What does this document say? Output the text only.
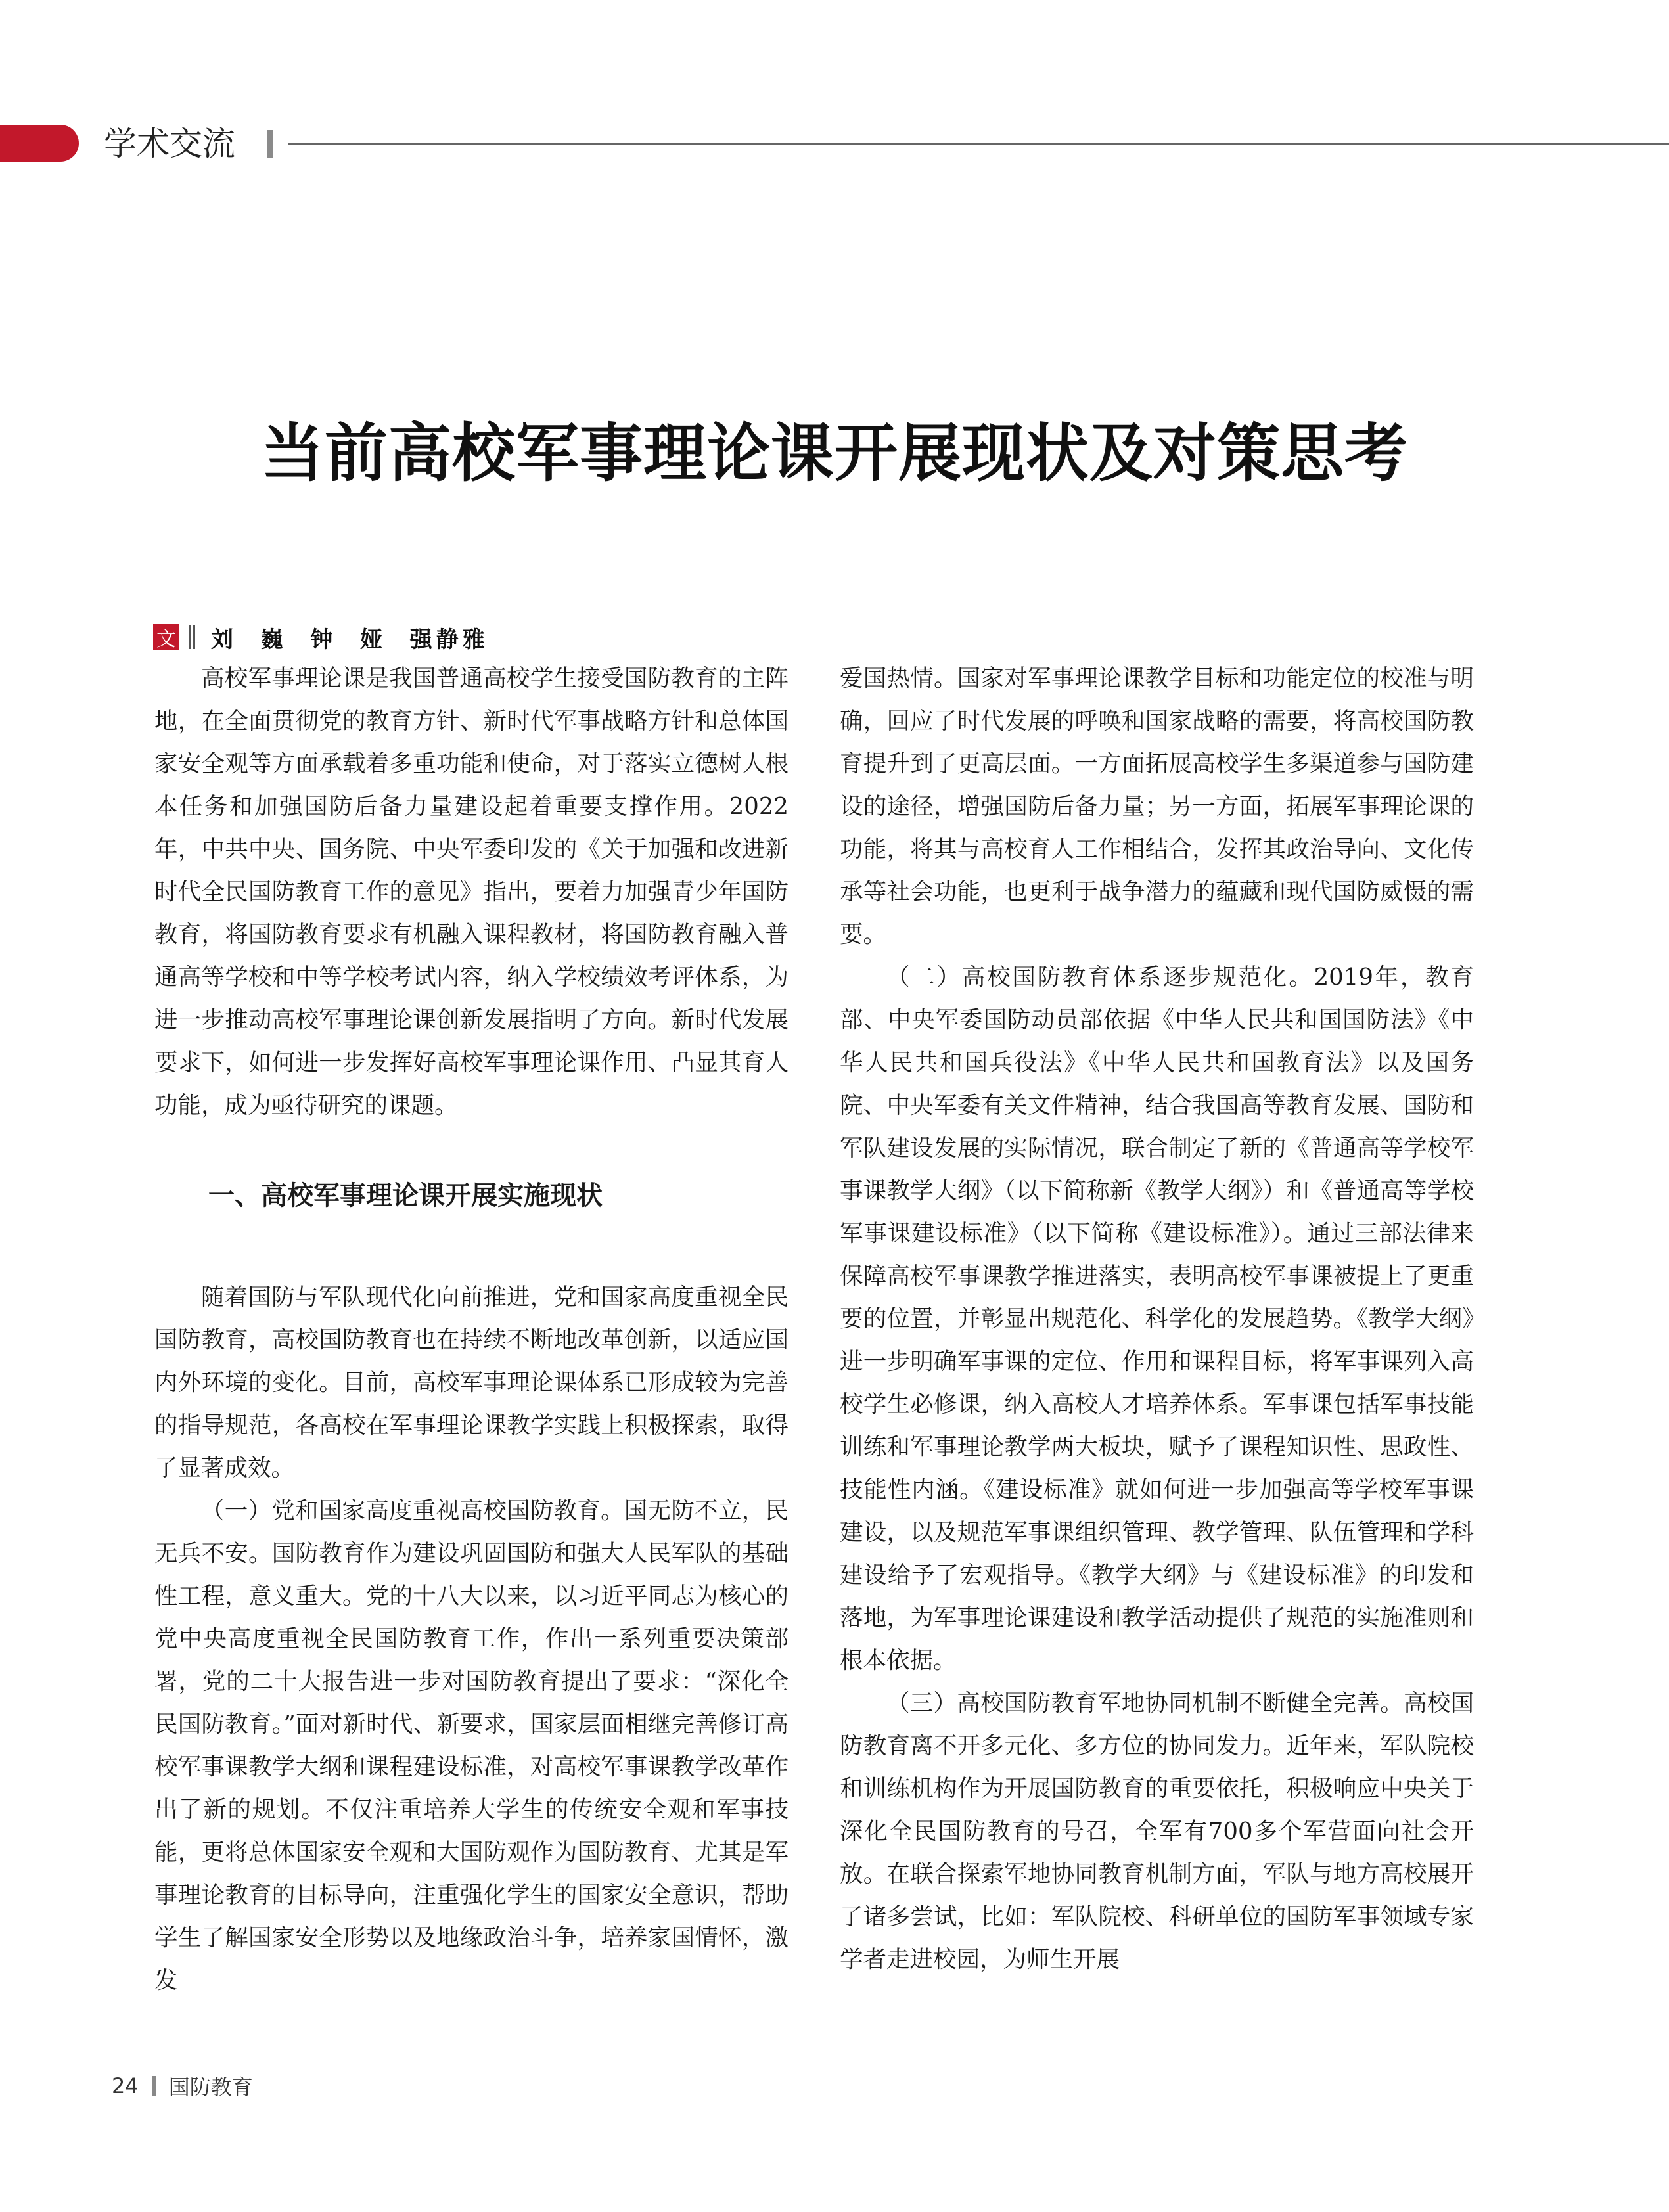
学术交流
当前高校军事理论课开展现状及对策思考
文 刘  巍  钟  娅  强静雅

高校军事理论课是我国普通高校学生接受国防教育的主阵地，在全面贯彻党的教育方针、新时代军事战略方针和总体国家安全观等方面承载着多重功能和使命，对于落实立德树人根本任务和加强国防后备力量建设起着重要支撑作用。2022年，中共中央、国务院、中央军委印发的《关于加强和改进新时代全民国防教育工作的意见》指出，要着力加强青少年国防教育，将国防教育要求有机融入课程教材，将国防教育融入普通高等学校和中等学校考试内容，纳入学校绩效考评体系，为进一步推动高校军事理论课创新发展指明了方向。新时代发展要求下，如何进一步发挥好高校军事理论课作用、凸显其育人功能，成为亟待研究的课题。

一、高校军事理论课开展实施现状

随着国防与军队现代化向前推进，党和国家高度重视全民国防教育，高校国防教育也在持续不断地改革创新，以适应国内外环境的变化。目前，高校军事理论课体系已形成较为完善的指导规范，各高校在军事理论课教学实践上积极探索，取得了显著成效。

（一）党和国家高度重视高校国防教育。国无防不立，民无兵不安。国防教育作为建设巩固国防和强大人民军队的基础性工程，意义重大。党的十八大以来，以习近平同志为核心的党中央高度重视全民国防教育工作，作出一系列重要决策部署，党的二十大报告进一步对国防教育提出了要求：“深化全民国防教育。”面对新时代、新要求，国家层面相继完善修订高校军事课教学大纲和课程建设标准，对高校军事课教学改革作出了新的规划。不仅注重培养大学生的传统安全观和军事技能，更将总体国家安全观和大国防观作为国防教育、尤其是军事理论教育的目标导向，注重强化学生的国家安全意识，帮助学生了解国家安全形势以及地缘政治斗争，培养家国情怀，激发

爱国热情。国家对军事理论课教学目标和功能定位的校准与明确，回应了时代发展的呼唤和国家战略的需要，将高校国防教育提升到了更高层面。一方面拓展高校学生多渠道参与国防建设的途径，增强国防后备力量；另一方面，拓展军事理论课的功能，将其与高校育人工作相结合，发挥其政治导向、文化传承等社会功能，也更利于战争潜力的蕴藏和现代国防威慑的需要。

（二）高校国防教育体系逐步规范化。2019年，教育部、中央军委国防动员部依据《中华人民共和国国防法》《中华人民共和国兵役法》《中华人民共和国教育法》以及国务院、中央军委有关文件精神，结合我国高等教育发展、国防和军队建设发展的实际情况，联合制定了新的《普通高等学校军事课教学大纲》（以下简称新《教学大纲》）和《普通高等学校军事课建设标准》（以下简称《建设标准》）。通过三部法律来保障高校军事课教学推进落实，表明高校军事课被提上了更重要的位置，并彰显出规范化、科学化的发展趋势。《教学大纲》进一步明确军事课的定位、作用和课程目标，将军事课列入高校学生必修课，纳入高校人才培养体系。军事课包括军事技能训练和军事理论教学两大板块，赋予了课程知识性、思政性、技能性内涵。《建设标准》就如何进一步加强高等学校军事课建设，以及规范军事课组织管理、教学管理、队伍管理和学科建设给予了宏观指导。《教学大纲》与《建设标准》的印发和落地，为军事理论课建设和教学活动提供了规范的实施准则和根本依据。

（三）高校国防教育军地协同机制不断健全完善。高校国防教育离不开多元化、多方位的协同发力。近年来，军队院校和训练机构作为开展国防教育的重要依托，积极响应中央关于深化全民国防教育的号召，全军有700多个军营面向社会开放。在联合探索军地协同教育机制方面，军队与地方高校展开了诸多尝试，比如：军队院校、科研单位的国防军事领域专家学者走进校园，为师生开展

24 国防教育
